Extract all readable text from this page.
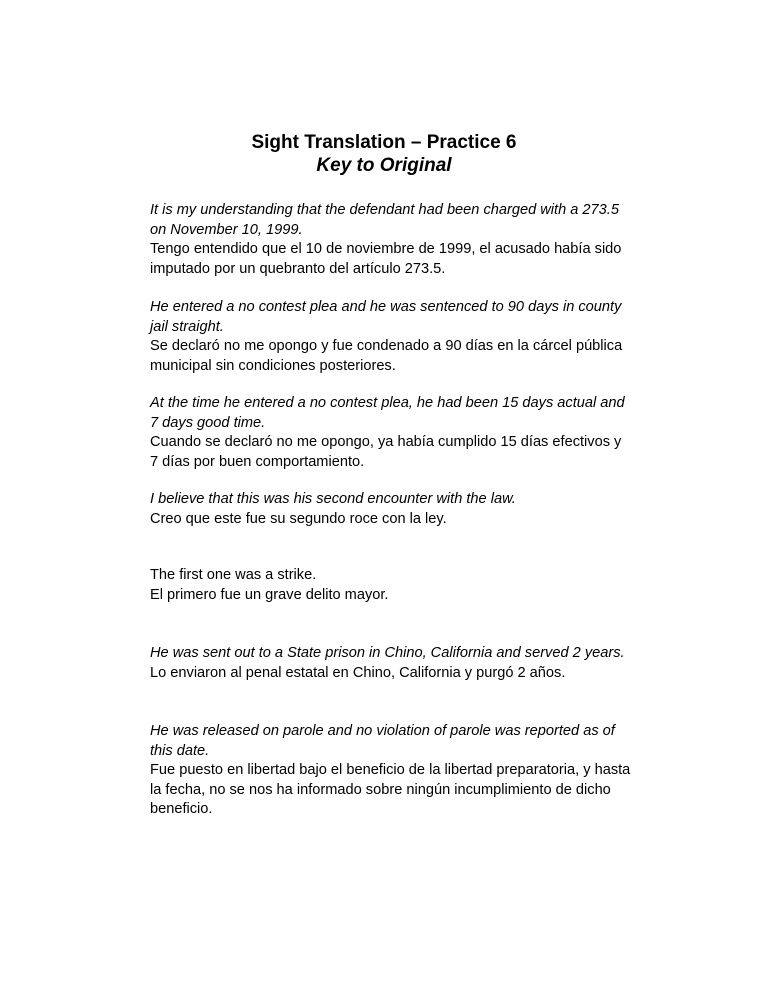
Sight Translation – Practice 6
Key to Original
It is my understanding that the defendant had been charged with a 273.5
on November 10, 1999.
Tengo entendido que el 10 de noviembre de 1999, el acusado había sido
imputado por un quebranto del artículo 273.5.
He entered a no contest plea and he was sentenced to 90 days in county
jail straight.
Se declaró no me opongo y fue condenado a 90 días en la cárcel pública
municipal sin condiciones posteriores.
At the time he entered a no contest plea, he had been 15 days actual and
7 days good time.
Cuando se declaró no me opongo, ya había cumplido 15 días efectivos y
7 días por buen comportamiento.
I believe that this was his second encounter with the law.
Creo que este fue su segundo roce con la ley.
The first one was a strike.
El primero fue un grave delito mayor.
He was sent out to a State prison in Chino, California and served 2 years.
Lo enviaron al penal estatal en Chino, California y purgó 2 años.
He was released on parole and no violation of parole was reported as of
this date.
Fue puesto en libertad bajo el beneficio de la libertad preparatoria, y hasta
la fecha, no se nos ha informado sobre ningún incumplimiento de dicho
beneficio.
